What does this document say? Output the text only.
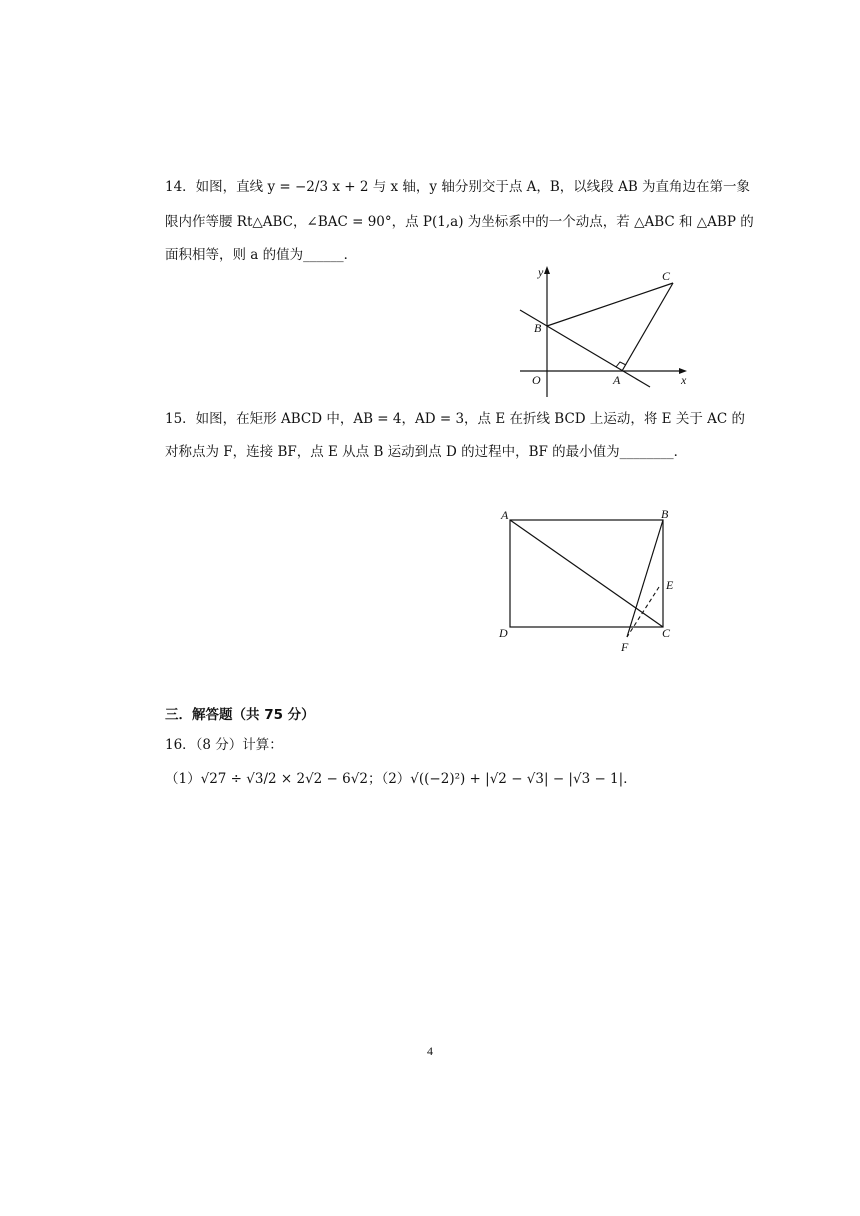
14．如图，直线 y = −2/3 x + 2 与 x 轴，y 轴分别交于点 A，B，以线段 AB 为直角边在第一象
限内作等腰 Rt△ABC，∠BAC = 90°，点 P(1,a) 为坐标系中的一个动点，若 △ABC 和 △ABP 的
面积相等，则 a 的值为______．
y
x
O	A
B
C
15．如图，在矩形 ABCD 中，AB = 4，AD = 3，点 E 在折线 BCD 上运动，将 E 关于 AC 的
对称点为 F，连接 BF，点 E 从点 B 运动到点 D 的过程中，BF 的最小值为________．
A	B
C
D
E
F
三．解答题（共 75 分）
16．（8 分）计算：
（1）√27 ÷ √3/2 × 2√2 − 6√2；（2）√((−2)²) + |√2 − √3| − |√3 − 1|．
4
